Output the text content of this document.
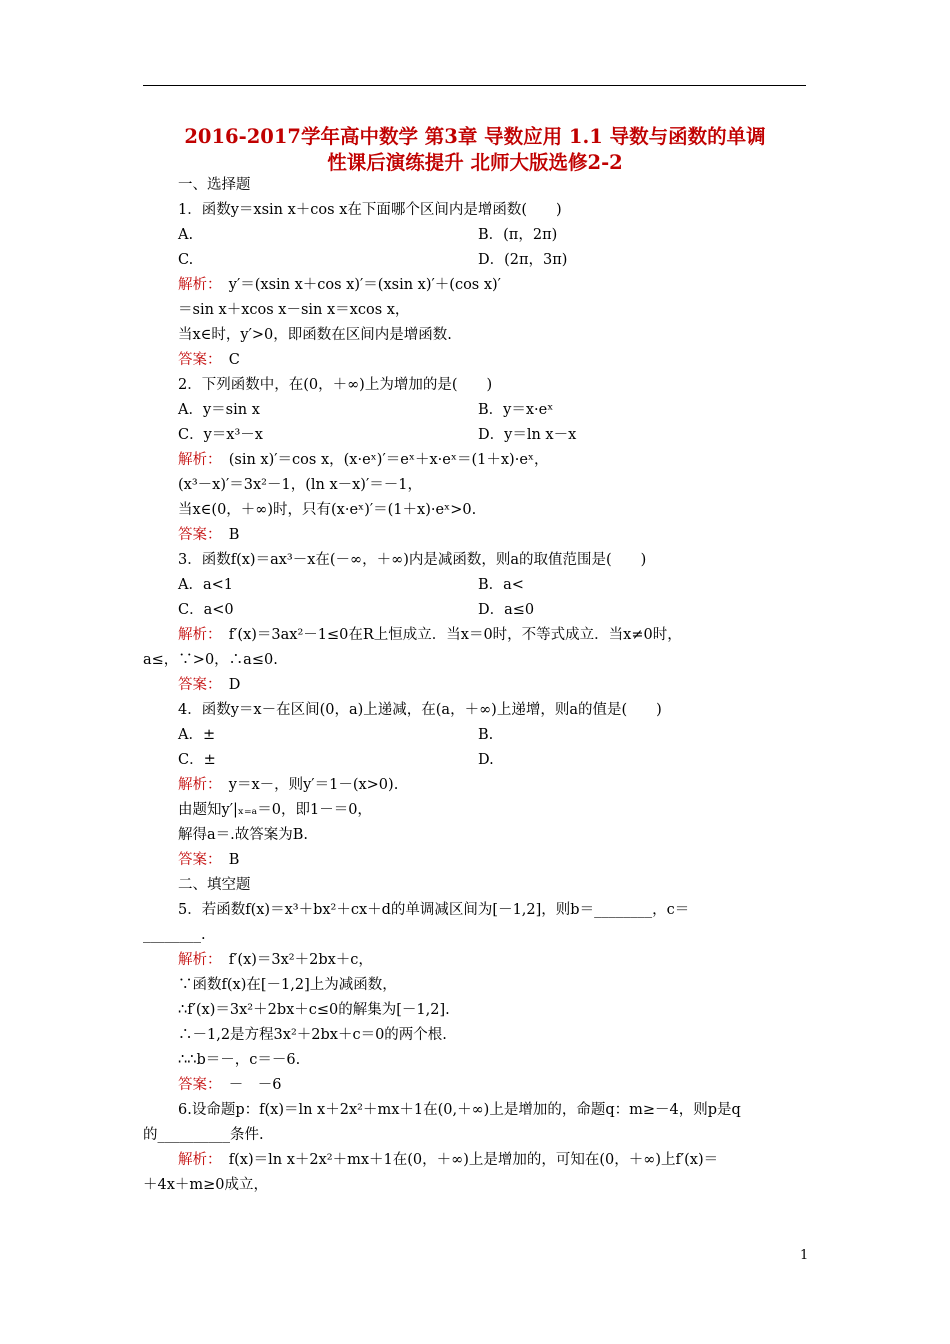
2016-2017学年高中数学 第3章 导数应用 1.1 导数与函数的单调
性课后演练提升 北师大版选修2-2
一、选择题
1．函数y＝xsin x＋cos x在下面哪个区间内是增函数(　　)
A.	B．(π，2π)
C.	D．(2π，3π)
解析：　y′＝(xsin x＋cos x)′＝(xsin x)′＋(cos x)′
＝sin x＋xcos x－sin x＝xcos x，
当x∈时，y′>0，即函数在区间内是增函数.
答案：　C
2．下列函数中，在(0，＋∞)上为增加的是(　　)
A．y＝sin x	B．y＝x·eˣ
C．y＝x³－x	D．y＝ln x－x
解析：　(sin x)′＝cos x，(x·eˣ)′＝eˣ＋x·eˣ＝(1＋x)·eˣ，
(x³－x)′＝3x²－1，(ln x－x)′＝－1，
当x∈(0，＋∞)时，只有(x·eˣ)′＝(1＋x)·eˣ>0.
答案：　B
3．函数f(x)＝ax³－x在(－∞，＋∞)内是减函数，则a的取值范围是(　　)
A．a<1	B．a<
C．a<0	D．a≤0
解析：　f′(x)＝3ax²－1≤0在R上恒成立．当x＝0时，不等式成立．当x≠0时，
a≤，∵>0，∴a≤0.
答案：　D
4．函数y＝x－在区间(0，a)上递减，在(a，＋∞)上递增，则a的值是(　　)
A．±	B.
C．±	D.
解析：　y＝x－，则y′＝1－(x>0).
由题知y′|ₓ₌ₐ＝0，即1－＝0，
解得a＝.故答案为B.
答案：　B
二、填空题
5．若函数f(x)＝x³＋bx²＋cx＋d的单调减区间为[－1,2]，则b＝________，c＝
________.
解析：　f′(x)＝3x²＋2bx＋c，
∵函数f(x)在[－1,2]上为减函数，
∴f′(x)＝3x²＋2bx＋c≤0的解集为[－1,2].
∴－1,2是方程3x²＋2bx＋c＝0的两个根.
∴∴b＝－，c＝－6.
答案：　－　－6
6.设命题p：f(x)＝ln x＋2x²＋mx＋1在(0,＋∞)上是增加的，命题q：m≥－4，则p是q
的__________条件.
解析：　f(x)＝ln x＋2x²＋mx＋1在(0，＋∞)上是增加的，可知在(0，＋∞)上f′(x)＝
＋4x＋m≥0成立，
1
